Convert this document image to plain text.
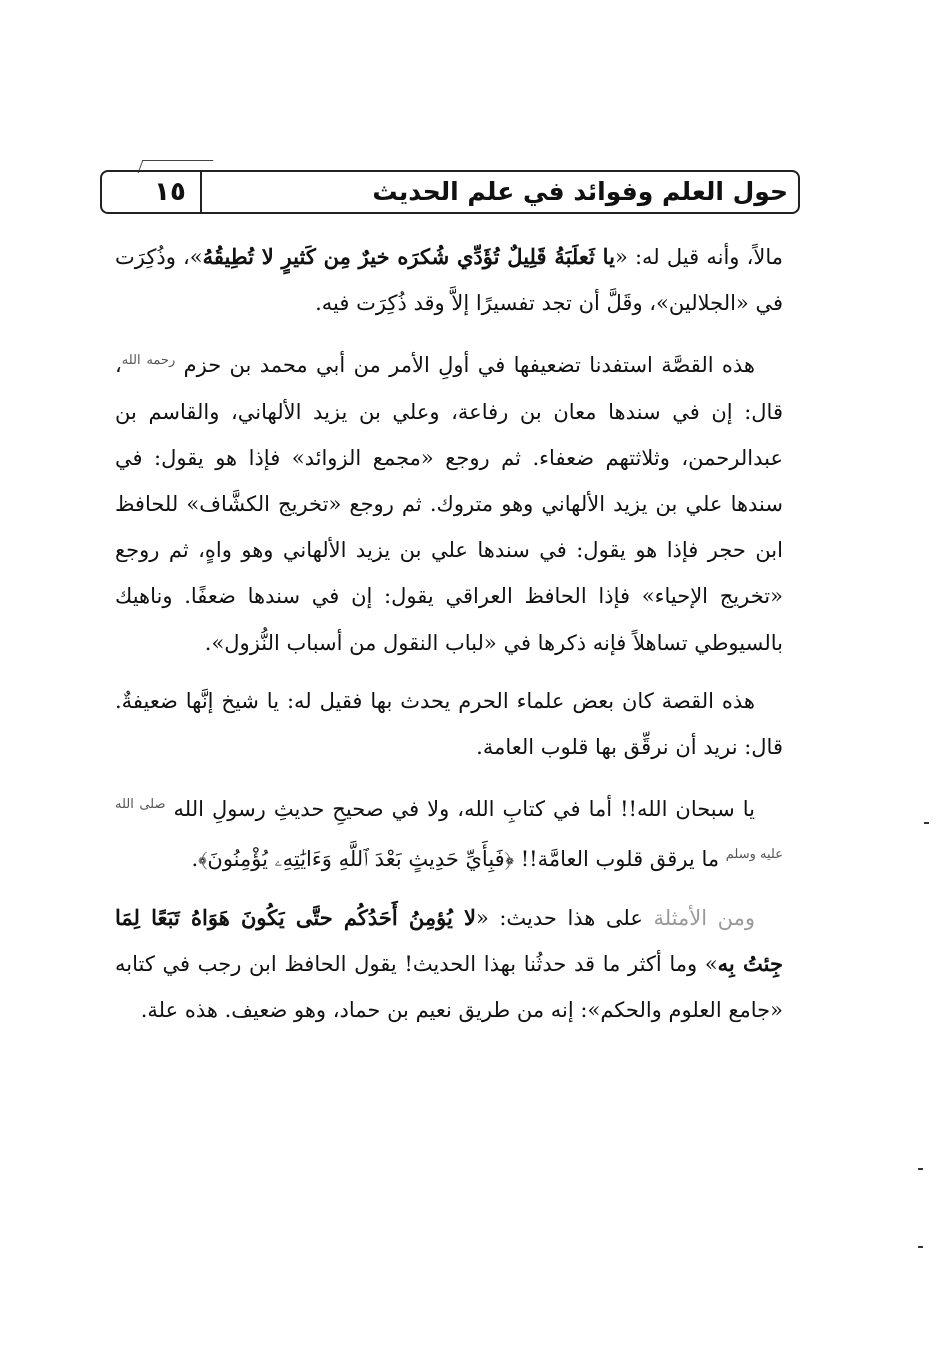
١٥	حول العلم وفوائد في علم الحديث

مالاً، وأنه قيل له: «يا ثَعلَبَةُ قَلِيلٌ تُؤَدِّي شُكرَه خيرٌ مِن كَثيرٍ لا تُطِيقُهُ»، وذُكِرَت في «الجلالين»، وقَلَّ أن تجد تفسيرًا إلاَّ وقد ذُكِرَت فيه.

هذه القصَّة استفدنا تضعيفها في أولِ الأمر من أبي محمد بن حزم $^{رحمه الله}$، قال: إن في سندها معان بن رفاعة، وعلي بن يزيد الألهاني، والقاسم بن عبدالرحمن، وثلاثتهم ضعفاء. ثم روجع «مجمع الزوائد» فإذا هو يقول: في سندها علي بن يزيد الألهاني وهو متروك. ثم روجع «تخريج الكشَّاف» للحافظ ابن حجر فإذا هو يقول: في سندها علي بن يزيد الألهاني وهو واهٍ، ثم روجع «تخريج الإحياء» فإذا الحافظ العراقي يقول: إن في سندها ضعفًا. وناهيك بالسيوطي تساهلاً فإنه ذكرها في «لباب النقول من أسباب النُّزول».

هذه القصة كان بعض علماء الحرم يحدث بها فقيل له: يا شيخ إنَّها ضعيفةٌ. قال: نريد أن نرقِّق بها قلوب العامة.

يا سبحان الله!! أما في كتابِ الله، ولا في صحيحِ حديثِ رسولِ الله $^{صلى الله عليه وسلم}$ ما يرقق قلوب العامَّة!! ﴿فَبِأَيِّ حَدِيثٍ بَعْدَ ٱللَّهِ وَءَايَٰتِهِۦ يُؤْمِنُونَ﴾.

ومن الأمثلة على هذا حديث: «لا يُؤمِنُ أَحَدُكُم حتَّى يَكُونَ هَوَاهُ تَبَعًا لِمَا جِئتُ بِه» وما أكثر ما قد حدثُنا بهذا الحديث! يقول الحافظ ابن رجب في كتابه «جامع العلوم والحكم»: إنه من طريق نعيم بن حماد، وهو ضعيف. هذه علة.
